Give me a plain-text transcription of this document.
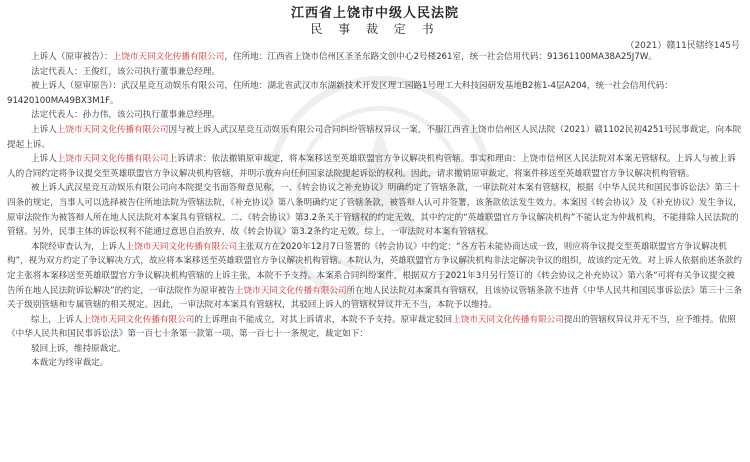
江西省上饶市中级人民法院
民 事 裁 定 书
（2021）赣11民辖终145号

上诉人（原审被告）：上饶市天同文化传播有限公司，住所地：江西省上饶市信州区圣圣东路文创中心2号楼261室，统一社会信用代码：91361100MA38A25J7W。

法定代表人：王俊红，该公司执行董事兼总经理。

被上诉人（原审原告）：武汉星竞互动娱乐有限公司，住所地：湖北省武汉市东湖新技术开发区理工园路1号理工大科技园研发基地B2栋1-4层A204，统一社会信用代码：91420100MA49BX3M1F。

法定代表人：孙力伟，该公司执行董事兼总经理。

上诉人上饶市天同文化传播有限公司因与被上诉人武汉星竞互动娱乐有限公司合同纠纷管辖权异议一案，不服江西省上饶市信州区人民法院（2021）赣1102民初4251号民事裁定，向本院提起上诉。

上诉人上饶市天同文化传播有限公司上诉请求：依法撤销原审裁定，将本案移送至英雄联盟官方争议解决机构管辖。事实和理由：上饶市信州区人民法院对本案无管辖权。上诉人与被上诉人的合同约定将争议提交至英雄联盟官方争议解决机构管辖，并明示放弃向任何国家法院提起诉讼的权利。因此，请求撤销原审裁定，将案件移送至英雄联盟官方争议解决机构管辖。

被上诉人武汉星竞互动娱乐有限公司向本院提交书面答辩意见称，一、《转会协议之补充协议》明确约定了管辖条款，一审法院对本案有管辖权，根据《中华人民共和国民事诉讼法》第三十四条的规定，当事人可以选择被告住所地法院为管辖法院，《补充协议》第八条明确约定了管辖条款，被答辩人认可并签署，该条款依法发生效力。本案因《转会协议》及《补充协议》发生争议，原审法院作为被答辩人所在地人民法院对本案具有管辖权。二、《转会协议》第3.2条关于管辖权的约定无效，其中约定的“英雄联盟官方争议解决机构”不能认定为仲裁机构，不能排除人民法院的管辖。另外，民事主体的诉讼权利不能通过意思自治放弃，故《转会协议》第3.2条约定无效。综上，一审法院对本案有管辖权。

本院经审查认为，上诉人上饶市天同文化传播有限公司主张双方在2020年12月7日签署的《转会协议》中约定：“各方若未能协商达成一致，则应将争议提交至英雄联盟官方争议解决机构”，视为双方约定了争议解决方式，故应将本案移送至英雄联盟官方争议解决机构管辖。本院认为，英雄联盟官方争议解决机构非法定解决争议的组织，故该约定无效。对上诉人依据前述条款约定主张将本案移送至英雄联盟官方争议解决机构管辖的上诉主张，本院不予支持。本案系合同纠纷案件，根据双方于2021年3月另行签订的《转会协议之补充协议》第六条“可将有关争议提交被告所在地人民法院诉讼解决”的约定，一审法院作为原审被告上饶市天同文化传播有限公司所在地人民法院对本案具有管辖权，且该协议管辖条款不违背《中华人民共和国民事诉讼法》第三十三条关于级别管辖和专属管辖的相关规定。因此，一审法院对本案具有管辖权，其驳回上诉人的管辖权异议并无不当，本院予以维持。

综上，上诉人上饶市天同文化传播有限公司的上诉理由不能成立，对其上诉请求，本院不予支持。原审裁定驳回上饶市天同文化传播有限公司提出的管辖权异议并无不当，应予维持。依照《中华人民共和国民事诉讼法》第一百七十条第一款第一项、第一百七十一条规定，裁定如下：

驳回上诉，维持原裁定。

本裁定为终审裁定。
